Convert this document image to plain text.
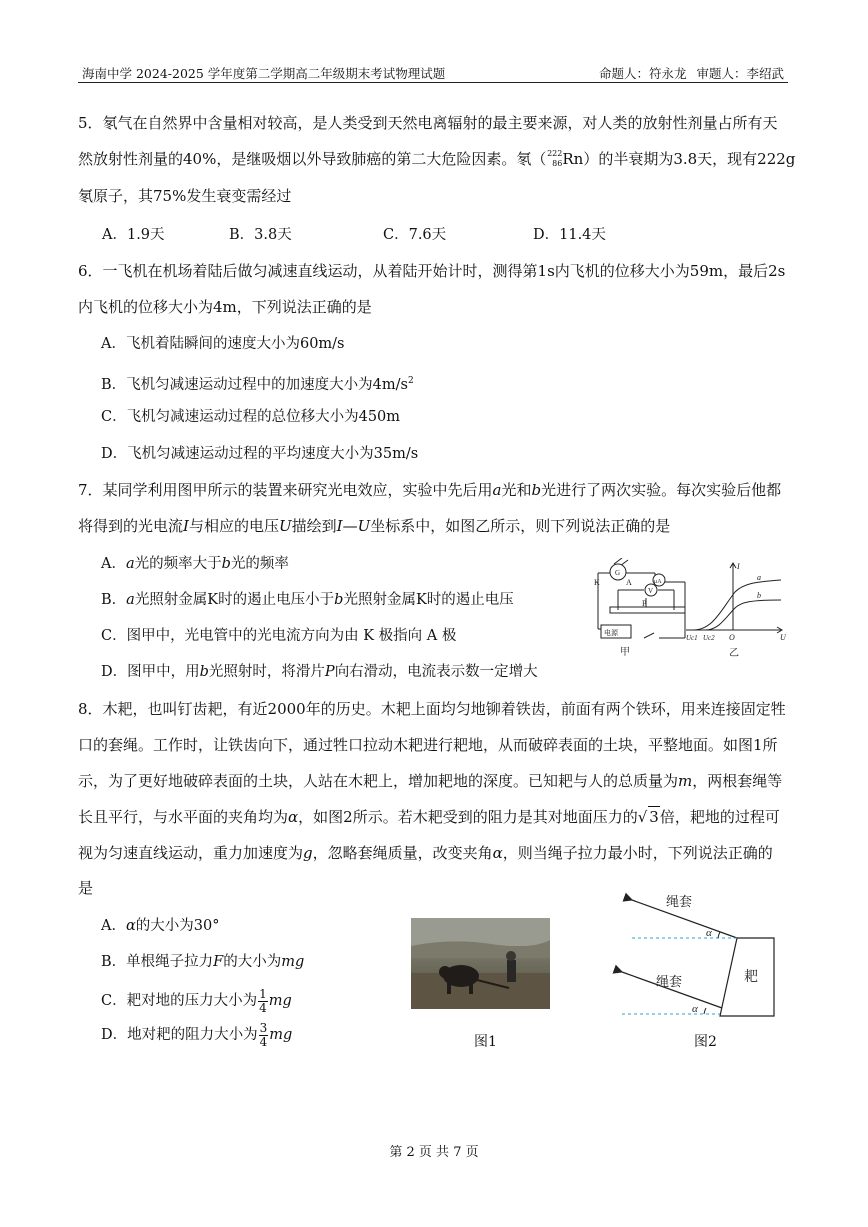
海南中学 2024-2025 学年度第二学期高二年级期末考试物理试题	命题人：符永龙 审题人：李绍武
5．氡气在自然界中含量相对较高，是人类受到天然电离辐射的最主要来源，对人类的放射性剂量占所有天
然放射性剂量的40%，是继吸烟以外导致肺癌的第二大危险因素。氡（ 222
86 Rn）的半衰期为3.8天，现有222g
氡原子，其75%发生衰变需经过
A．1.9天	B．3.8天	C．7.6天	D．11.4天
6．一飞机在机场着陆后做匀减速直线运动，从着陆开始计时，测得第1s内飞机的位移大小为59m，最后2s
内飞机的位移大小为4m，下列说法正确的是
A．飞机着陆瞬间的速度大小为60m/s
B．飞机匀减速运动过程中的加速度大小为$4m/s^2$
C．飞机匀减速运动过程的总位移大小为450m
D．飞机匀减速运动过程的平均速度大小为35m/s
7．某同学利用图甲所示的装置来研究光电效应，实验中先后用a光和b光进行了两次实验。每次实验后他都
将得到的光电流I与相应的电压U描绘到I—U坐标系中，如图乙所示，则下列说法正确的是
A．a光的频率大于b光的频率
B．a光照射金属K时的遏止电压小于b光照射金属K时的遏止电压
C．图甲中，光电管中的光电流方向为由 K 极指向 A 极
D．图甲中，用b光照射时，将滑片P向右滑动，电流表示数一定增大
K	A
G
V
μA
P
电源
甲
I
a
b
Uc1 Uc2 O	U
乙
8．木耙，也叫钉齿耙，有近2000年的历史。木耙上面均匀地铆着铁齿，前面有两个铁环，用来连接固定牲
口的套绳。工作时，让铁齿向下，通过牲口拉动木耙进行耙地，从而破碎表面的土块，平整地面。如图1所
示，为了更好地破碎表面的土块，人站在木耙上，增加耙地的深度。已知耙与人的总质量为m，两根套绳等
长且平行，与水平面的夹角均为α，如图2所示。若木耙受到的阻力是其对地面压力的√ 3倍，耙地的过程可
视为匀速直线运动，重力加速度为g，忽略套绳质量，改变夹角α，则当绳子拉力最小时，下列说法正确的
是
A．α的大小为30°
B．单根绳子拉力F的大小为mg
C．耙对地的压力大小为 $\frac{1}{4}$ mg
D．地对耙的阻力大小为 $\frac{3}{4}$ mg	图1
绳套
α
绳套
α
耙
图2
第 2 页 共 7 页
